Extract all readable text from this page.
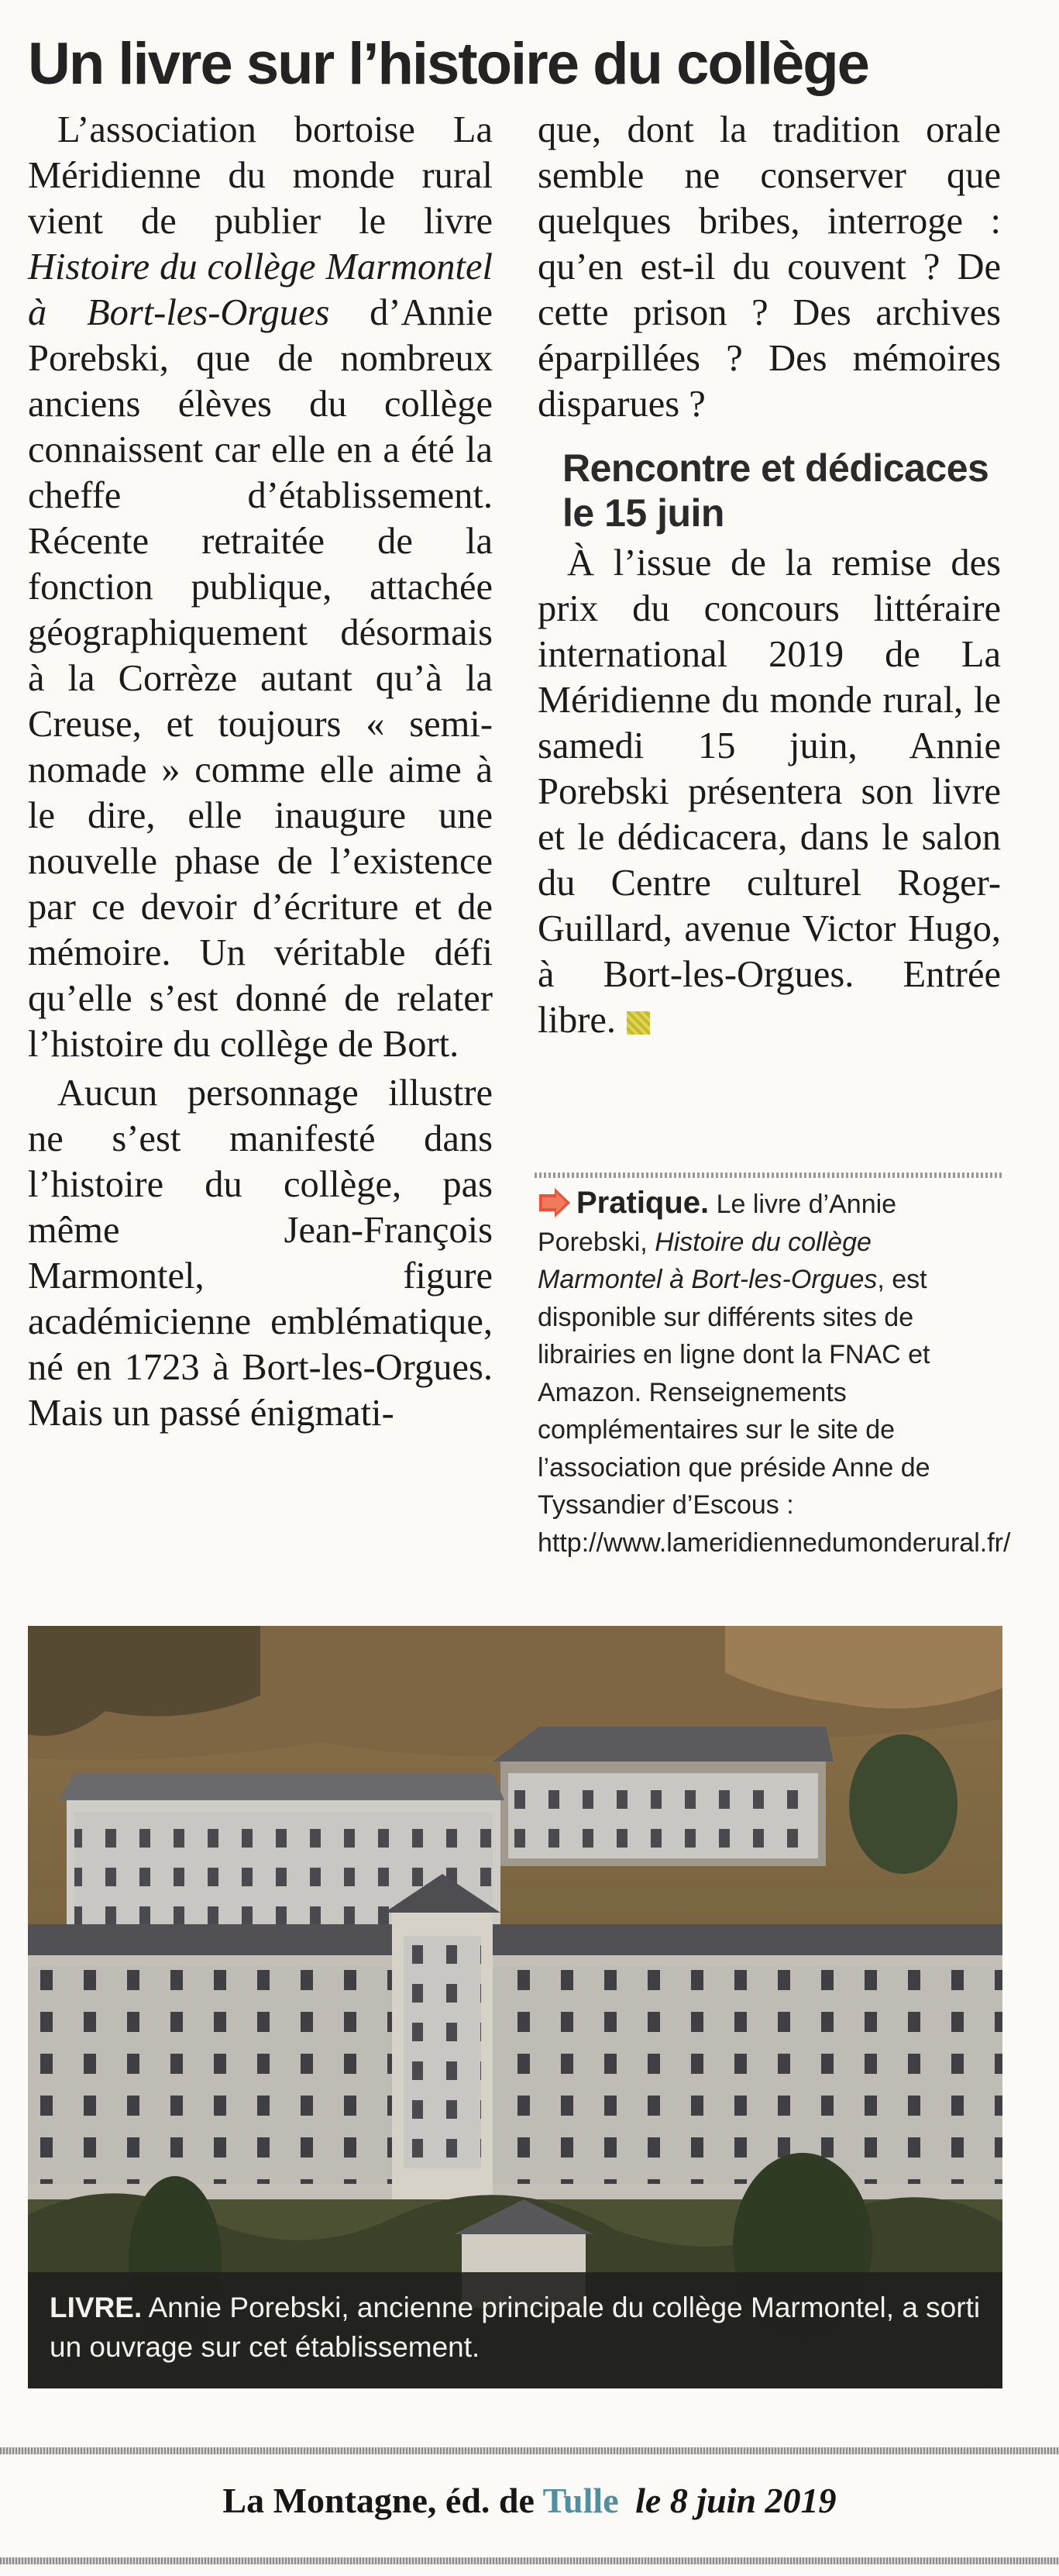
Un livre sur l’histoire du collège

L’association bortoise La Méridienne du monde rural vient de publier le livre Histoire du collège Marmontel à Bort-les-Orgues d’Annie Porebski, que de nombreux anciens élèves du collège connaissent car elle en a été la cheffe d’établissement. Récente retraitée de la fonction publique, attachée géographiquement désormais à la Corrèze autant qu’à la Creuse, et toujours « semi-nomade » comme elle aime à le dire, elle inaugure une nouvelle phase de l’existence par ce devoir d’écriture et de mémoire. Un véritable défi qu’elle s’est donné de relater l’histoire du collège de Bort.

Aucun personnage illustre ne s’est manifesté dans l’histoire du collège, pas même Jean-François Marmontel, figure académicienne emblématique, né en 1723 à Bort-les-Orgues. Mais un passé énigmati-

que, dont la tradition orale semble ne conserver que quelques bribes, interroge : qu’en est-il du couvent ? De cette prison ? Des archives éparpillées ? Des mémoires disparues ?

Rencontre et dédicaces le 15 juin

À l’issue de la remise des prix du concours littéraire international 2019 de La Méridienne du monde rural, le samedi 15 juin, Annie Porebski présentera son livre et le dédicacera, dans le salon du Centre culturel Roger-Guillard, avenue Victor Hugo, à Bort-les-Orgues. Entrée libre.

Pratique. Le livre d’Annie Porebski, Histoire du collège Marmontel à Bort-les-Orgues, est disponible sur différents sites de librairies en ligne dont la FNAC et Amazon. Renseignements complémentaires sur le site de l’association que préside Anne de Tyssandier d’Escous : http://www.lameridiennedumonderural.fr/
LIVRE. Annie Porebski, ancienne principale du collège Marmontel, a sorti un ouvrage sur cet établissement.
La Montagne, éd. de Tulle le 8 juin 2019
